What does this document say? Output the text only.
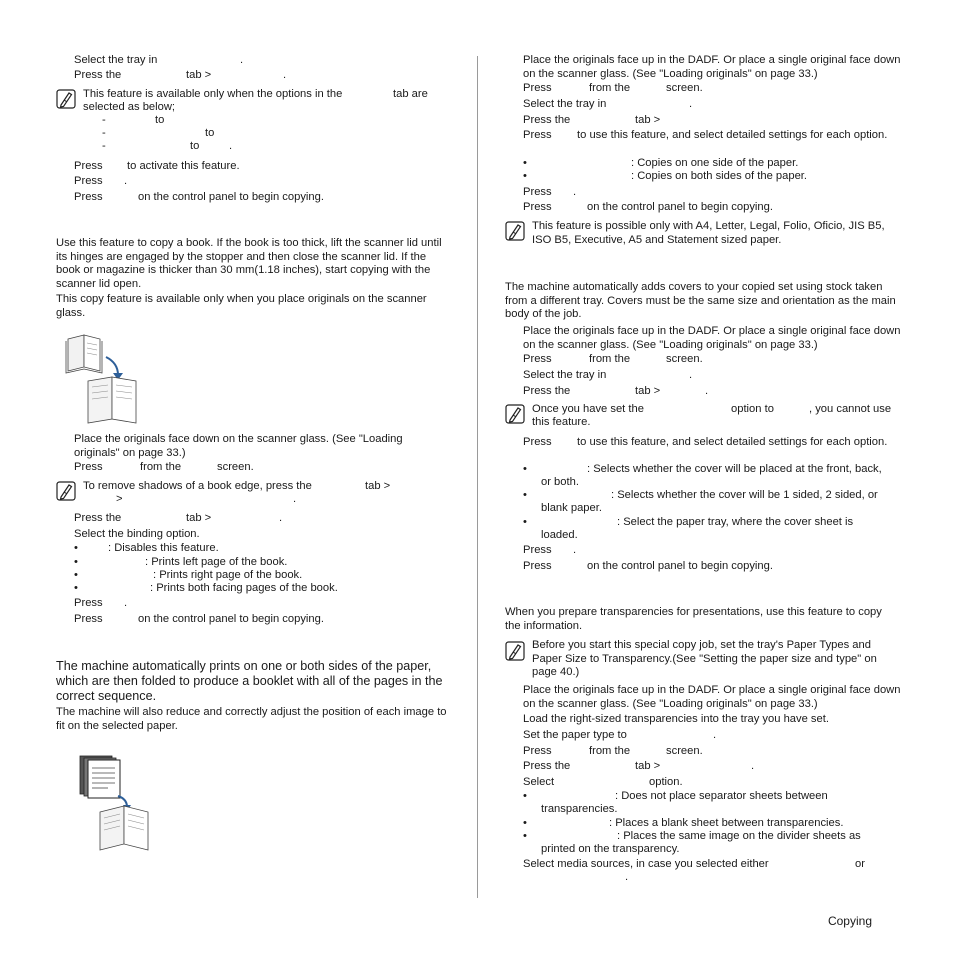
Select the tray in	.
Press the	tab >	.
This feature is available only when the options in the	tab are
selected as below;
-	to
-	to
-	to	.
Press to activate this feature.
Press .
Press	on the control panel to begin copying.
Use this feature to copy a book. If the book is too thick, lift the scanner lid until its hinges are engaged by the stopper and then close the scanner lid. If the book or magazine is thicker than 30 mm(1.18 inches), start copying with the scanner lid open.
This copy feature is available only when you place originals on the scanner glass.
Place the originals face down on the scanner glass. (See "Loading originals" on page 33.)
Press	from the	screen.
To remove shadows of a book edge, press the	tab >
>	.
Press the	tab >	.
Select the binding option.
•	: Disables this feature.
•	: Prints left page of the book.
•	: Prints right page of the book.
•	: Prints both facing pages of the book.
Press .
Press	on the control panel to begin copying.
The machine automatically prints on one or both sides of the paper, which are then folded to produce a booklet with all of the pages in the correct sequence.
The machine will also reduce and correctly adjust the position of each image to fit on the selected paper.
Place the originals face up in the DADF. Or place a single original face down on the scanner glass. (See "Loading originals" on page 33.)
Press	from the	screen.
Select the tray in	.
Press the	tab >
Press	to use this feature, and select detailed settings for each option.
•	: Copies on one side of the paper.
•	: Copies on both sides of the paper.
Press .
Press	on the control panel to begin copying.
This feature is possible only with A4, Letter, Legal, Folio, Oficio, JIS B5, ISO B5, Executive, A5 and Statement sized paper.
The machine automatically adds covers to your copied set using stock taken from a different tray. Covers must be the same size and orientation as the main body of the job.
Place the originals face up in the DADF. Or place a single original face down on the scanner glass. (See "Loading originals" on page 33.)
Press	from the	screen.
Select the tray in	.
Press the	tab >	.
Once you have set the	option to	, you cannot use
this feature.
Press	to use this feature, and select detailed settings for each option.
•	: Selects whether the cover will be placed at the front, back,
or both.
•	: Selects whether the cover will be 1 sided, 2 sided, or
blank paper.
•	: Select the paper tray, where the cover sheet is
loaded.
Press .
Press	on the control panel to begin copying.
When you prepare transparencies for presentations, use this feature to copy the information.
Before you start this special copy job, set the tray's Paper Types and Paper Size to Transparency.(See "Setting the paper size and type" on page 40.)
Place the originals face up in the DADF. Or place a single original face down on the scanner glass. (See "Loading originals" on page 33.)
Load the right-sized transparencies into the tray you have set.
Set the paper type to	.
Press	from the	screen.
Press the	tab >	.
Select	option.
•	: Does not place separator sheets between
transparencies.
•	: Places a blank sheet between transparencies.
•	: Places the same image on the divider sheets as
printed on the transparency.
Select media sources, in case you selected either	or
.
Copying
